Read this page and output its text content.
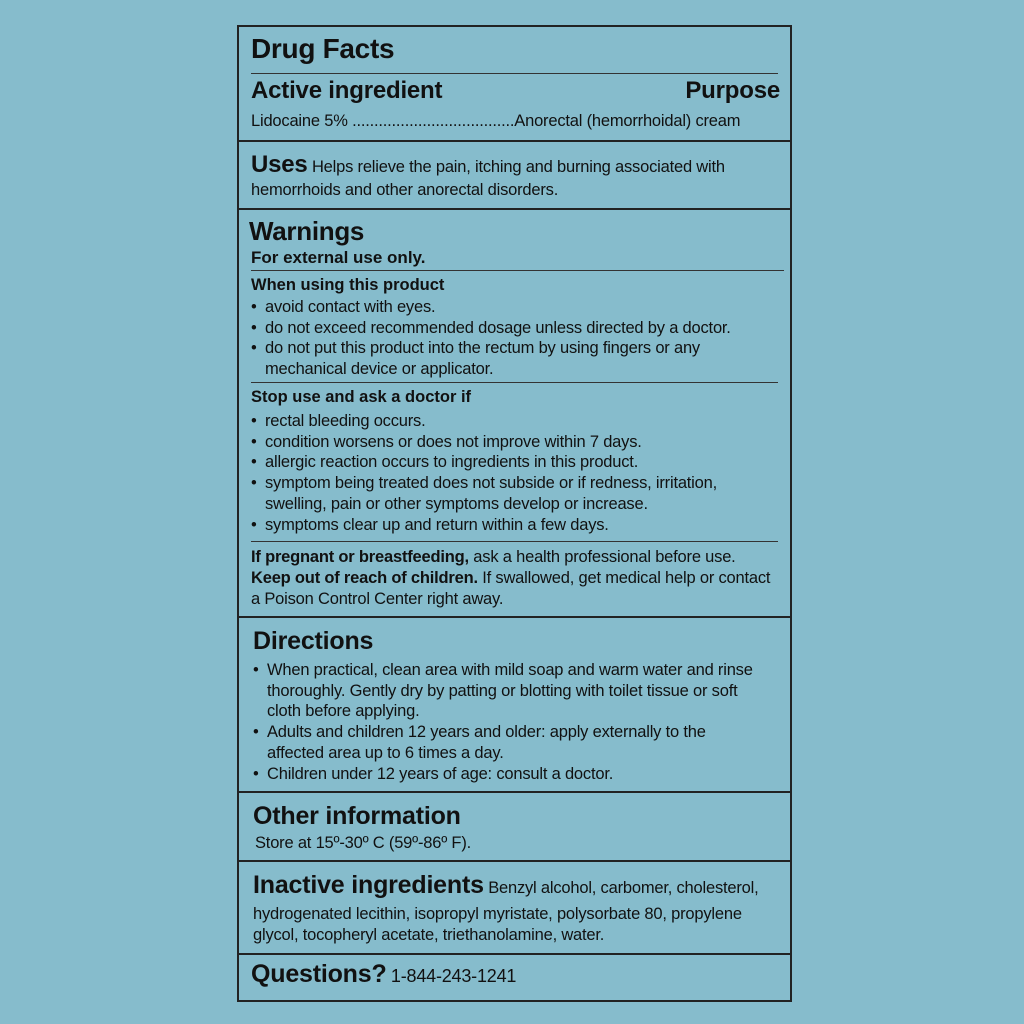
Drug Facts
Active ingredient	Purpose
Lidocaine 5% .....................................Anorectal (hemorrhoidal) cream
Uses Helps relieve the pain, itching and burning associated with
hemorrhoids and other anorectal disorders.
Warnings
For external use only.
When using this product
• avoid contact with eyes.
• do not exceed recommended dosage unless directed by a doctor.
• do not put this product into the rectum by using fingers or any
mechanical device or applicator.
Stop use and ask a doctor if
• rectal bleeding occurs.
• condition worsens or does not improve within 7 days.
• allergic reaction occurs to ingredients in this product.
• symptom being treated does not subside or if redness, irritation,
swelling, pain or other symptoms develop or increase.
• symptoms clear up and return within a few days.
If pregnant or breastfeeding, ask a health professional before use.
Keep out of reach of children. If swallowed, get medical help or contact
a Poison Control Center right away.
Directions
• When practical, clean area with mild soap and warm water and rinse
thoroughly. Gently dry by patting or blotting with toilet tissue or soft
cloth before applying.
• Adults and children 12 years and older: apply externally to the
affected area up to 6 times a day.
• Children under 12 years of age: consult a doctor.
Other information
Store at 15º-30º C (59º-86º F).
Inactive ingredients Benzyl alcohol, carbomer, cholesterol,
hydrogenated lecithin, isopropyl myristate, polysorbate 80, propylene
glycol, tocopheryl acetate, triethanolamine, water.
Questions? 1-844-243-1241
